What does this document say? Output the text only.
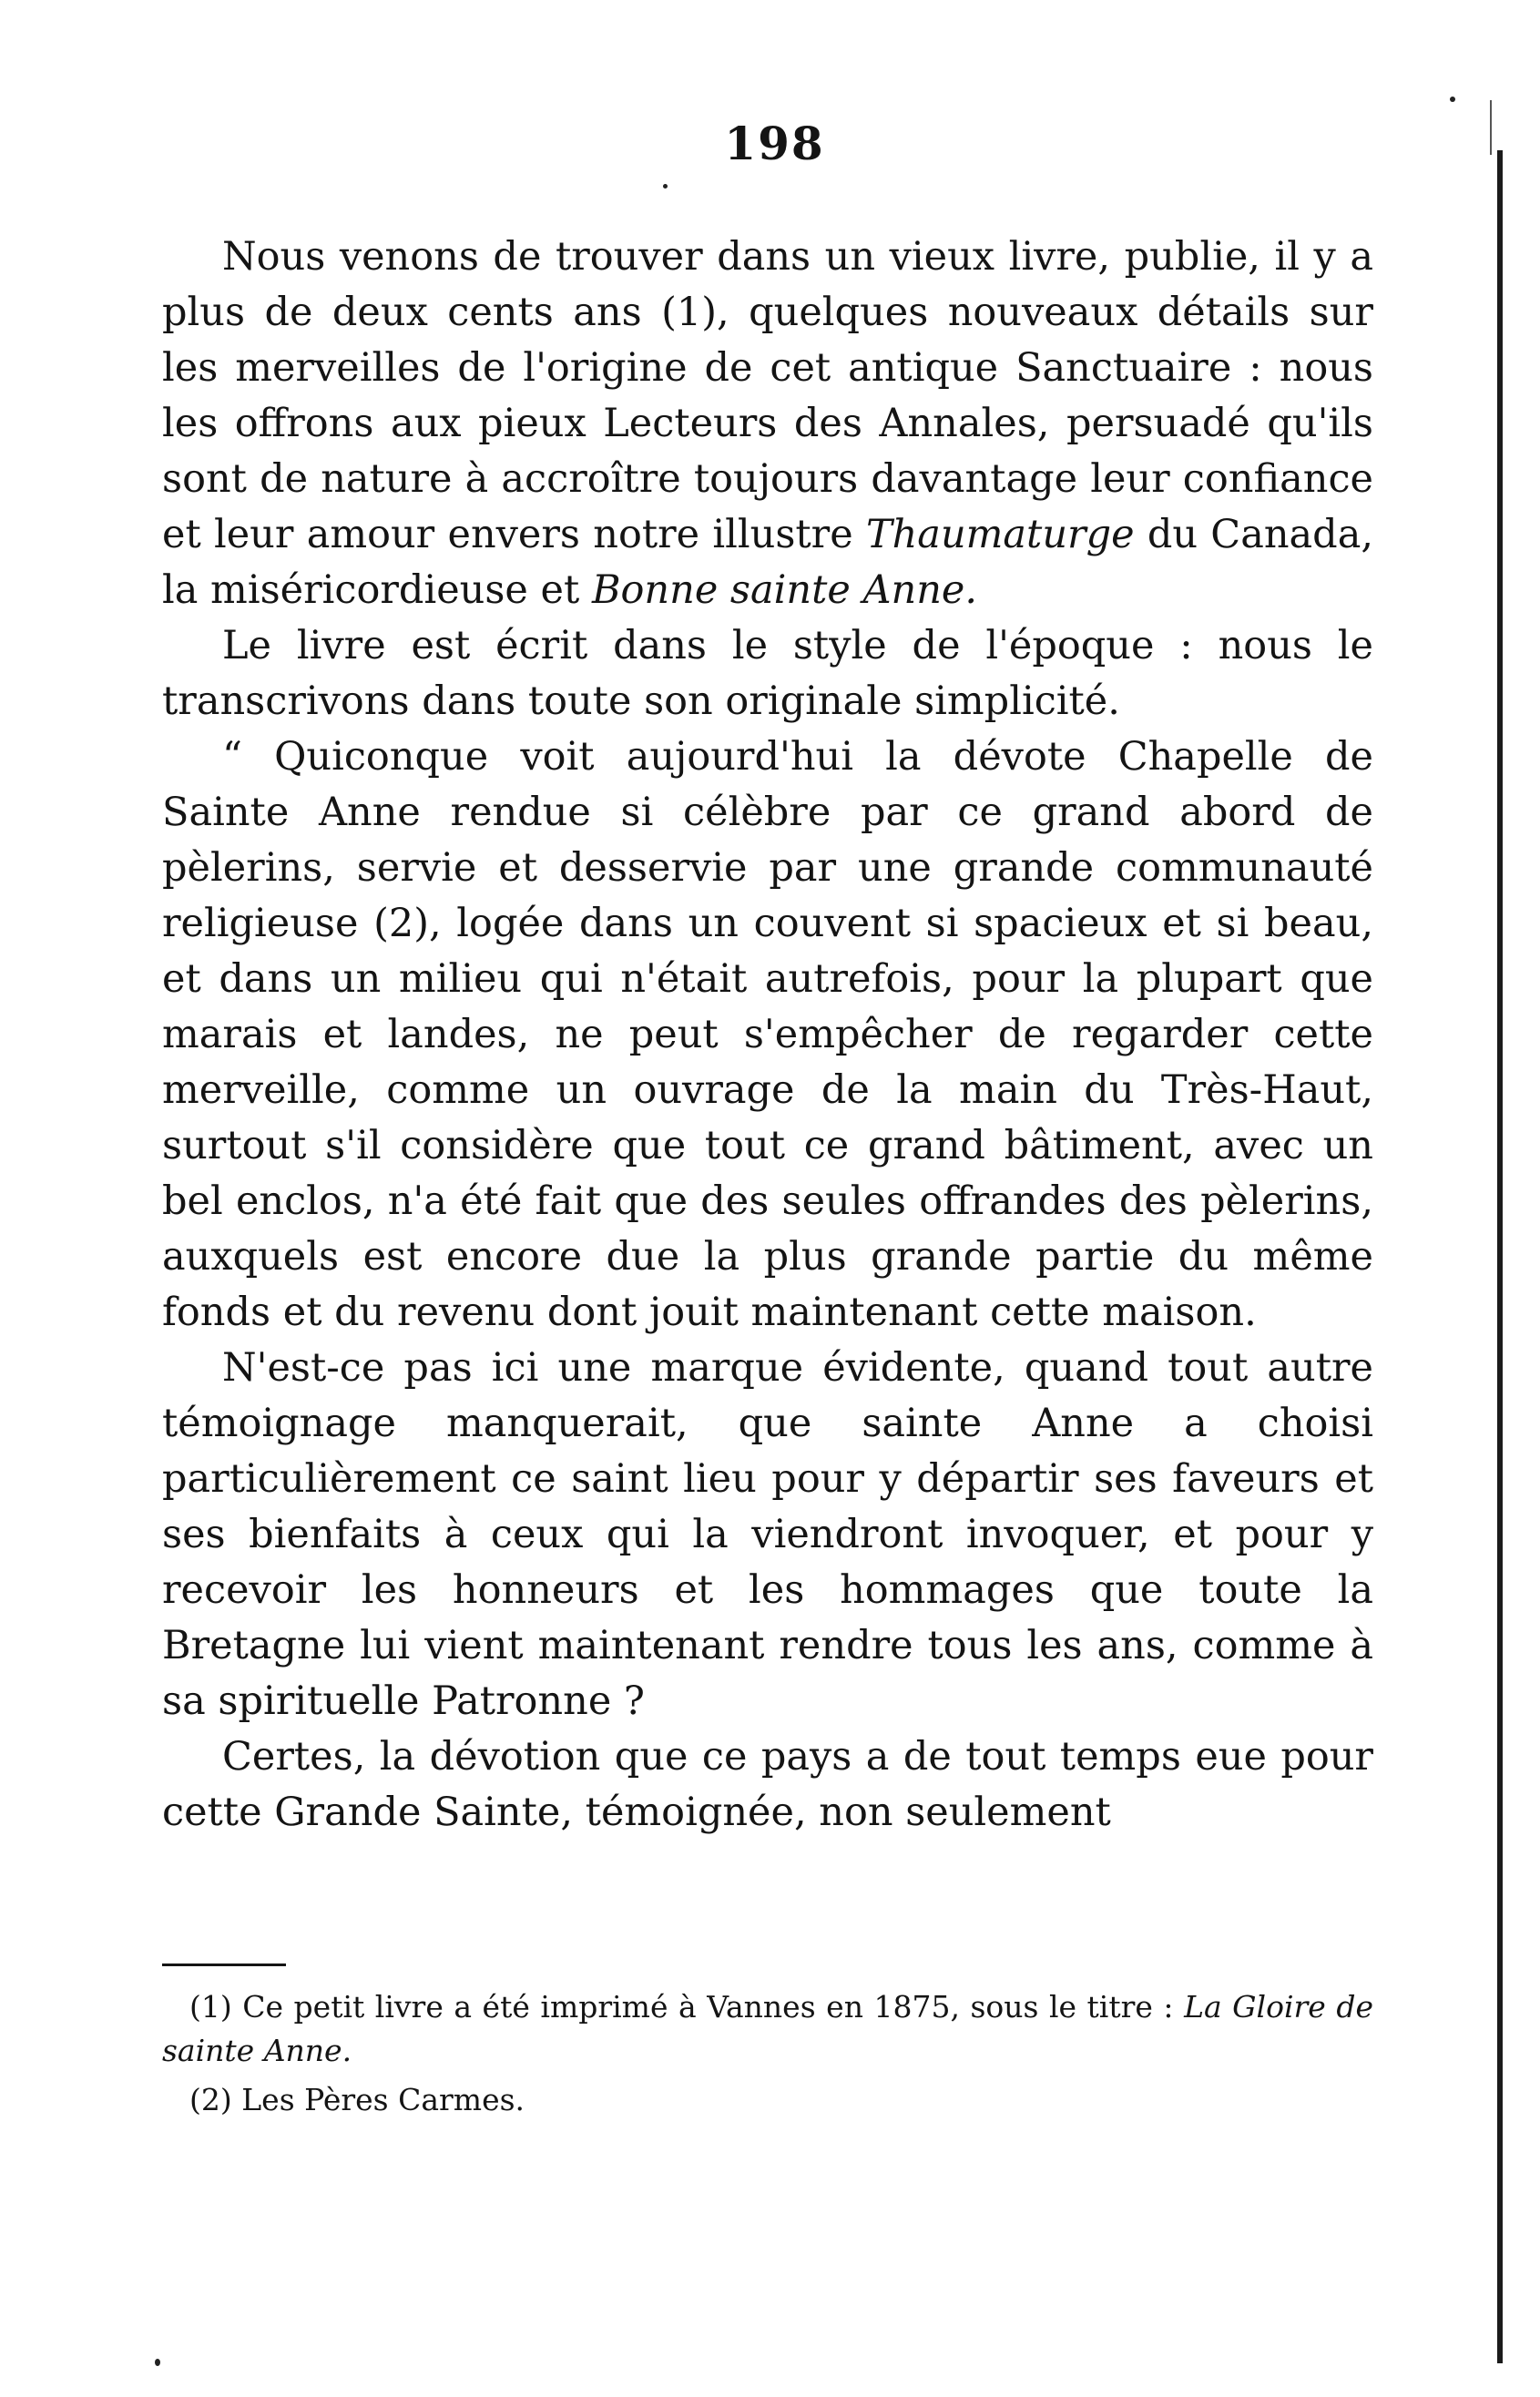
198

Nous venons de trouver dans un vieux livre, publie, il y a plus de deux cents ans (1), quelques nouveaux détails sur les merveilles de l'origine de cet antique Sanctuaire : nous les offrons aux pieux Lecteurs des Annales, persuadé qu'ils sont de nature à accroître toujours davantage leur confiance et leur amour envers notre illustre Thaumaturge du Canada, la miséricordieuse et Bonne sainte Anne.

Le livre est écrit dans le style de l'époque : nous le transcrivons dans toute son originale simplicité.

“ Quiconque voit aujourd'hui la dévote Chapelle de Sainte Anne rendue si célèbre par ce grand abord de pèlerins, servie et desservie par une grande communauté religieuse (2), logée dans un couvent si spacieux et si beau, et dans un milieu qui n'était autrefois, pour la plupart que marais et landes, ne peut s'empêcher de regarder cette merveille, comme un ouvrage de la main du Très-Haut, surtout s'il considère que tout ce grand bâtiment, avec un bel enclos, n'a été fait que des seules offrandes des pèlerins, auxquels est encore due la plus grande partie du même fonds et du revenu dont jouit maintenant cette maison.

N'est-ce pas ici une marque évidente, quand tout autre témoignage manquerait, que sainte Anne a choisi particulièrement ce saint lieu pour y départir ses faveurs et ses bienfaits à ceux qui la viendront invoquer, et pour y recevoir les honneurs et les hommages que toute la Bretagne lui vient maintenant rendre tous les ans, comme à sa spirituelle Patronne ?

Certes, la dévotion que ce pays a de tout temps eue pour cette Grande Sainte, témoignée, non seulement

(1) Ce petit livre a été imprimé à Vannes en 1875, sous le titre : La Gloire de sainte Anne.

(2) Les Pères Carmes.
